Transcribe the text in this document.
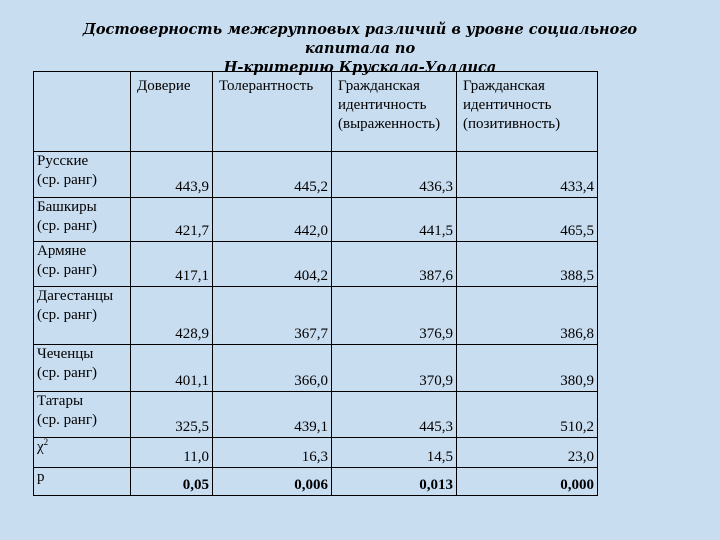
Достоверность межгрупповых различий в уровне социального капитала по
Н-критерию Крускала-Уоллиса
	Доверие	Толерантность	Гражданская идентичность (выраженность)	Гражданская идентичность (позитивность)

Русские
(ср. ранг)	443,9	445,2	436,3	433,4

Башкиры
(ср. ранг)	421,7	442,0	441,5	465,5

Армяне
(ср. ранг)	417,1	404,2	387,6	388,5

Дагестанцы
(ср. ранг)	428,9	367,7	376,9	386,8

Чеченцы
(ср. ранг)	401,1	366,0	370,9	380,9

Татары
(ср. ранг)	325,5	439,1	445,3	510,2
$\chi^2$	11,0	16,3	14,5	23,0
p	0,05	0,006	0,013	0,000
